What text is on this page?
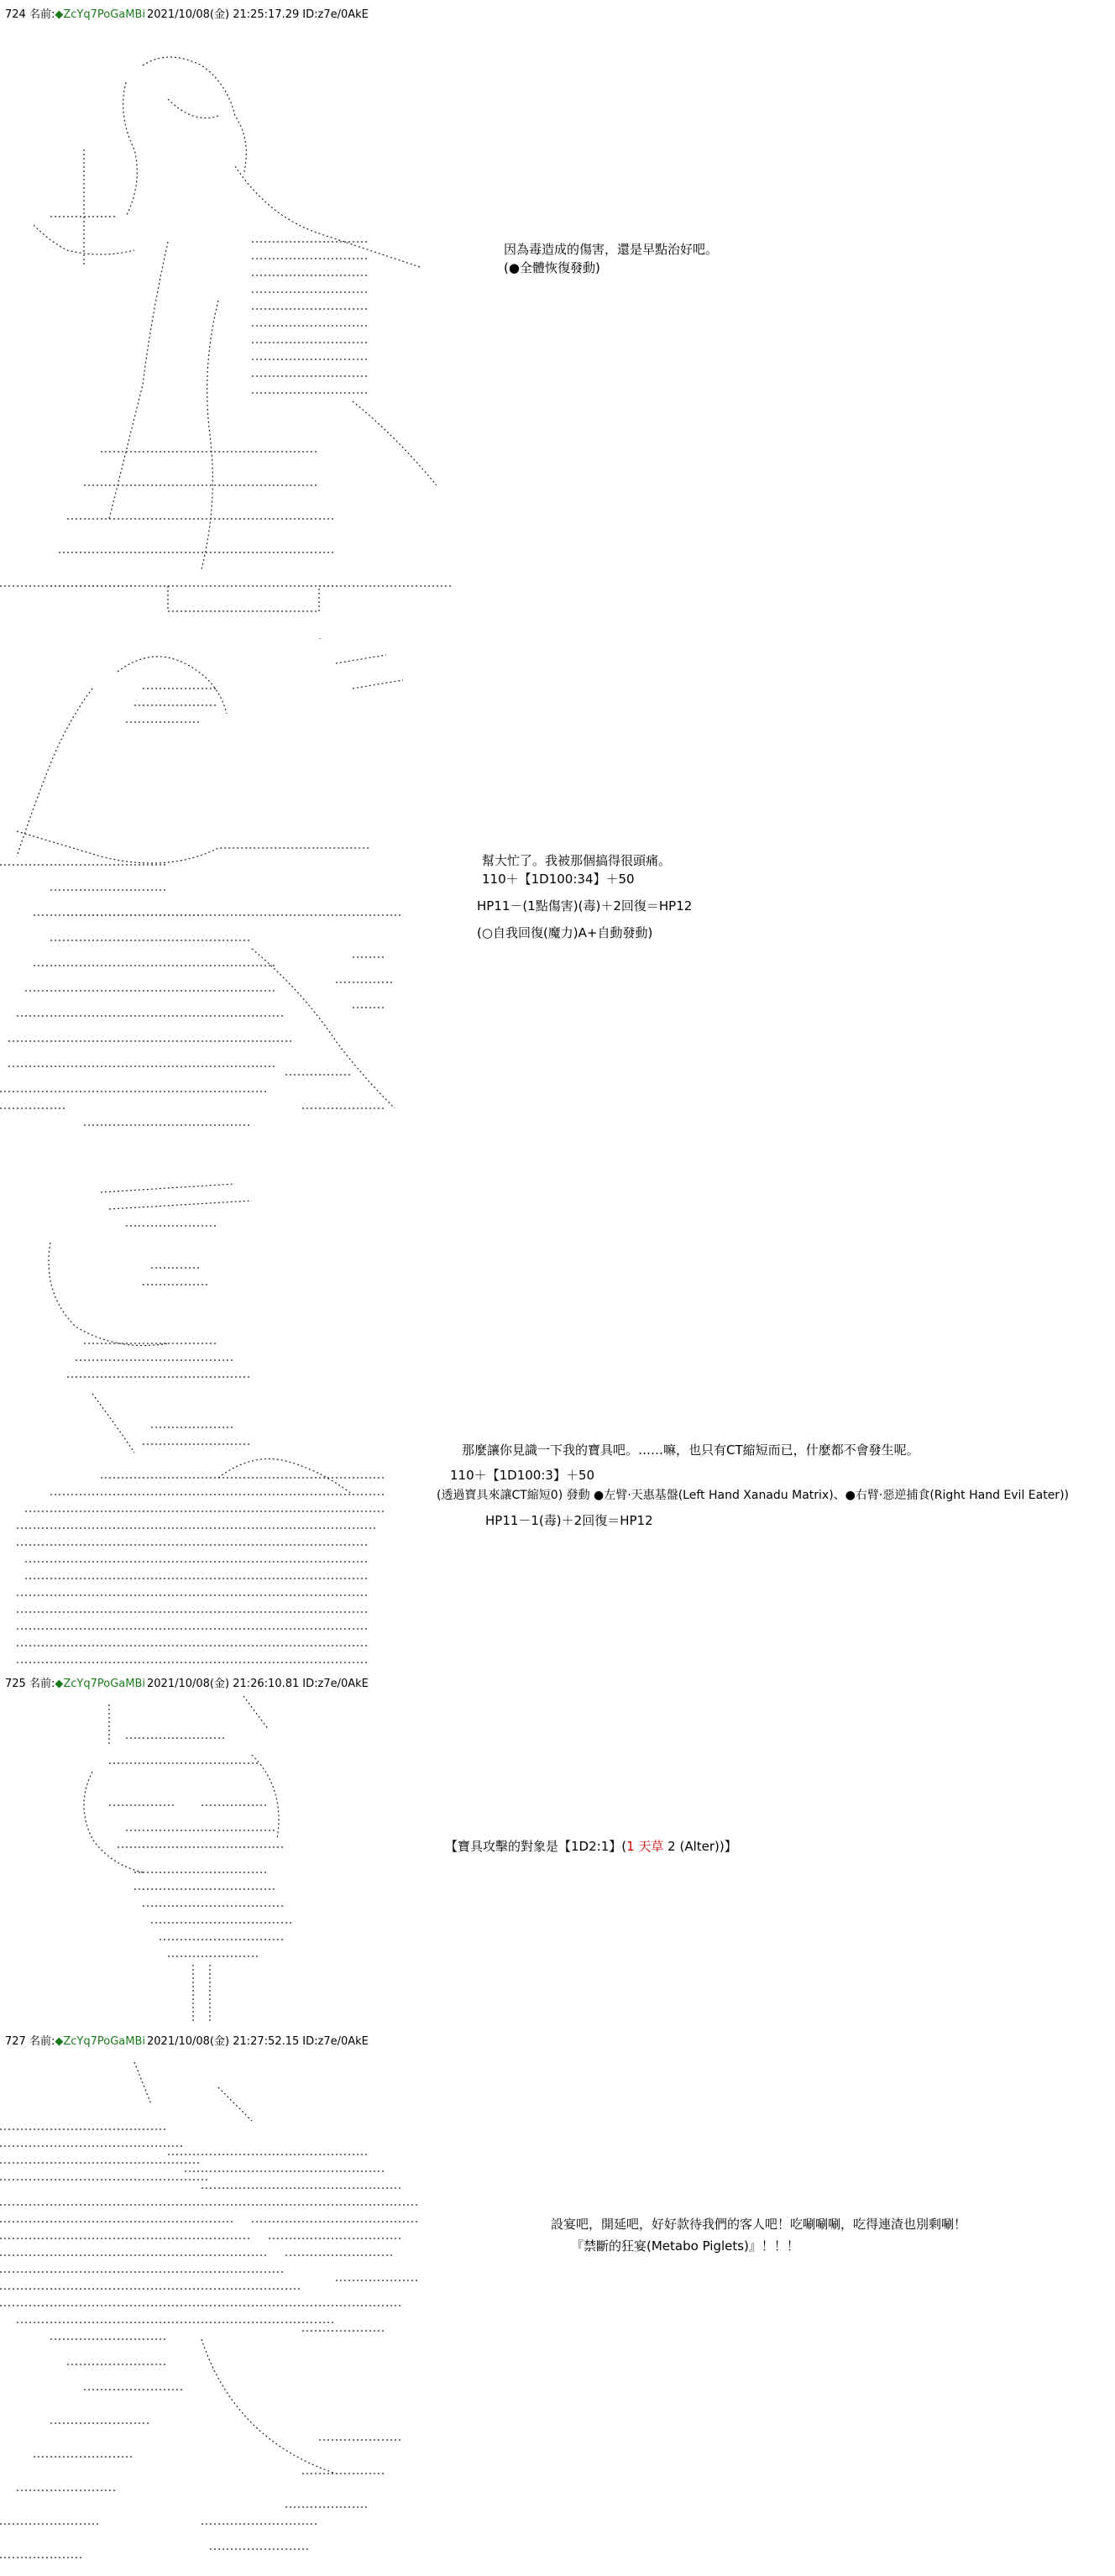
724 名前:◆ZcYq7PoGaMBi 2021/10/08(金) 21:25:17.29 ID:z7e/0AkE
因為毒造成的傷害，還是早點治好吧。
(●全體恢復發動)
幫大忙了。我被那個搞得很頭痛。
110＋【1D100:34】＋50
HP11－(1點傷害)(毒)＋2回復＝HP12
(○自我回復(魔力)A+自動發動)
那麼讓你見識一下我的寶具吧。……嘛，也只有CT縮短而已，什麼都不會發生呢。
110＋【1D100:3】＋50
(透過寶具來讓CT縮短0) 發動 ●左臂·天惠基盤(Left Hand Xanadu Matrix)、●右臂·惡逆捕食(Right Hand Evil Eater))
HP11－1(毒)＋2回復＝HP12
725 名前:◆ZcYq7PoGaMBi 2021/10/08(金) 21:26:10.81 ID:z7e/0AkE
【寶具攻擊的對象是【1D2:1】(1 天草 2 (Alter))】
727 名前:◆ZcYq7PoGaMBi 2021/10/08(金) 21:27:52.15 ID:z7e/0AkE
設宴吧，開延吧，好好款待我們的客人吧！吃唰唰唰，吃得連渣也別剩唰！
『禁斷的狂宴(Metabo Piglets)』！！！
